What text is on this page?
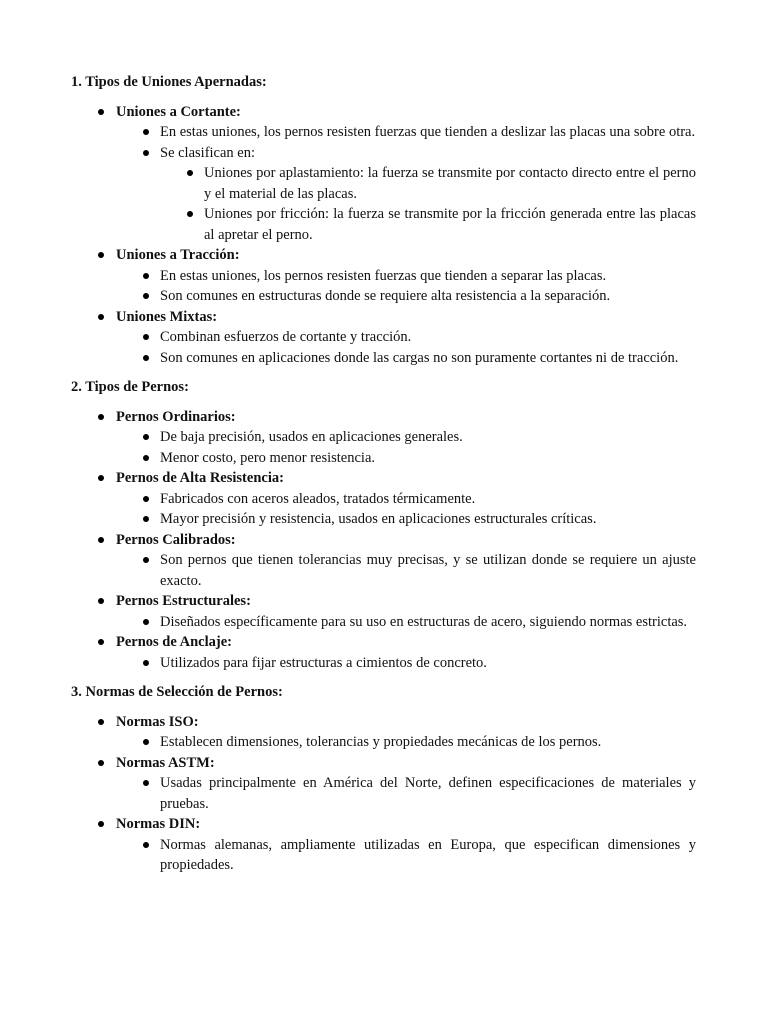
1. Tipos de Uniones Apernadas:
Uniones a Cortante:
En estas uniones, los pernos resisten fuerzas que tienden a deslizar las placas una sobre otra.
Se clasifican en:
Uniones por aplastamiento: la fuerza se transmite por contacto directo entre el perno y el material de las placas.
Uniones por fricción: la fuerza se transmite por la fricción generada entre las placas al apretar el perno.
Uniones a Tracción:
En estas uniones, los pernos resisten fuerzas que tienden a separar las placas.
Son comunes en estructuras donde se requiere alta resistencia a la separación.
Uniones Mixtas:
Combinan esfuerzos de cortante y tracción.
Son comunes en aplicaciones donde las cargas no son puramente cortantes ni de tracción.
2. Tipos de Pernos:
Pernos Ordinarios:
De baja precisión, usados en aplicaciones generales.
Menor costo, pero menor resistencia.
Pernos de Alta Resistencia:
Fabricados con aceros aleados, tratados térmicamente.
Mayor precisión y resistencia, usados en aplicaciones estructurales críticas.
Pernos Calibrados:
Son pernos que tienen tolerancias muy precisas, y se utilizan donde se requiere un ajuste exacto.
Pernos Estructurales:
Diseñados específicamente para su uso en estructuras de acero, siguiendo normas estrictas.
Pernos de Anclaje:
Utilizados para fijar estructuras a cimientos de concreto.
3. Normas de Selección de Pernos:
Normas ISO:
Establecen dimensiones, tolerancias y propiedades mecánicas de los pernos.
Normas ASTM:
Usadas principalmente en América del Norte, definen especificaciones de materiales y pruebas.
Normas DIN:
Normas alemanas, ampliamente utilizadas en Europa, que especifican dimensiones y propiedades.
